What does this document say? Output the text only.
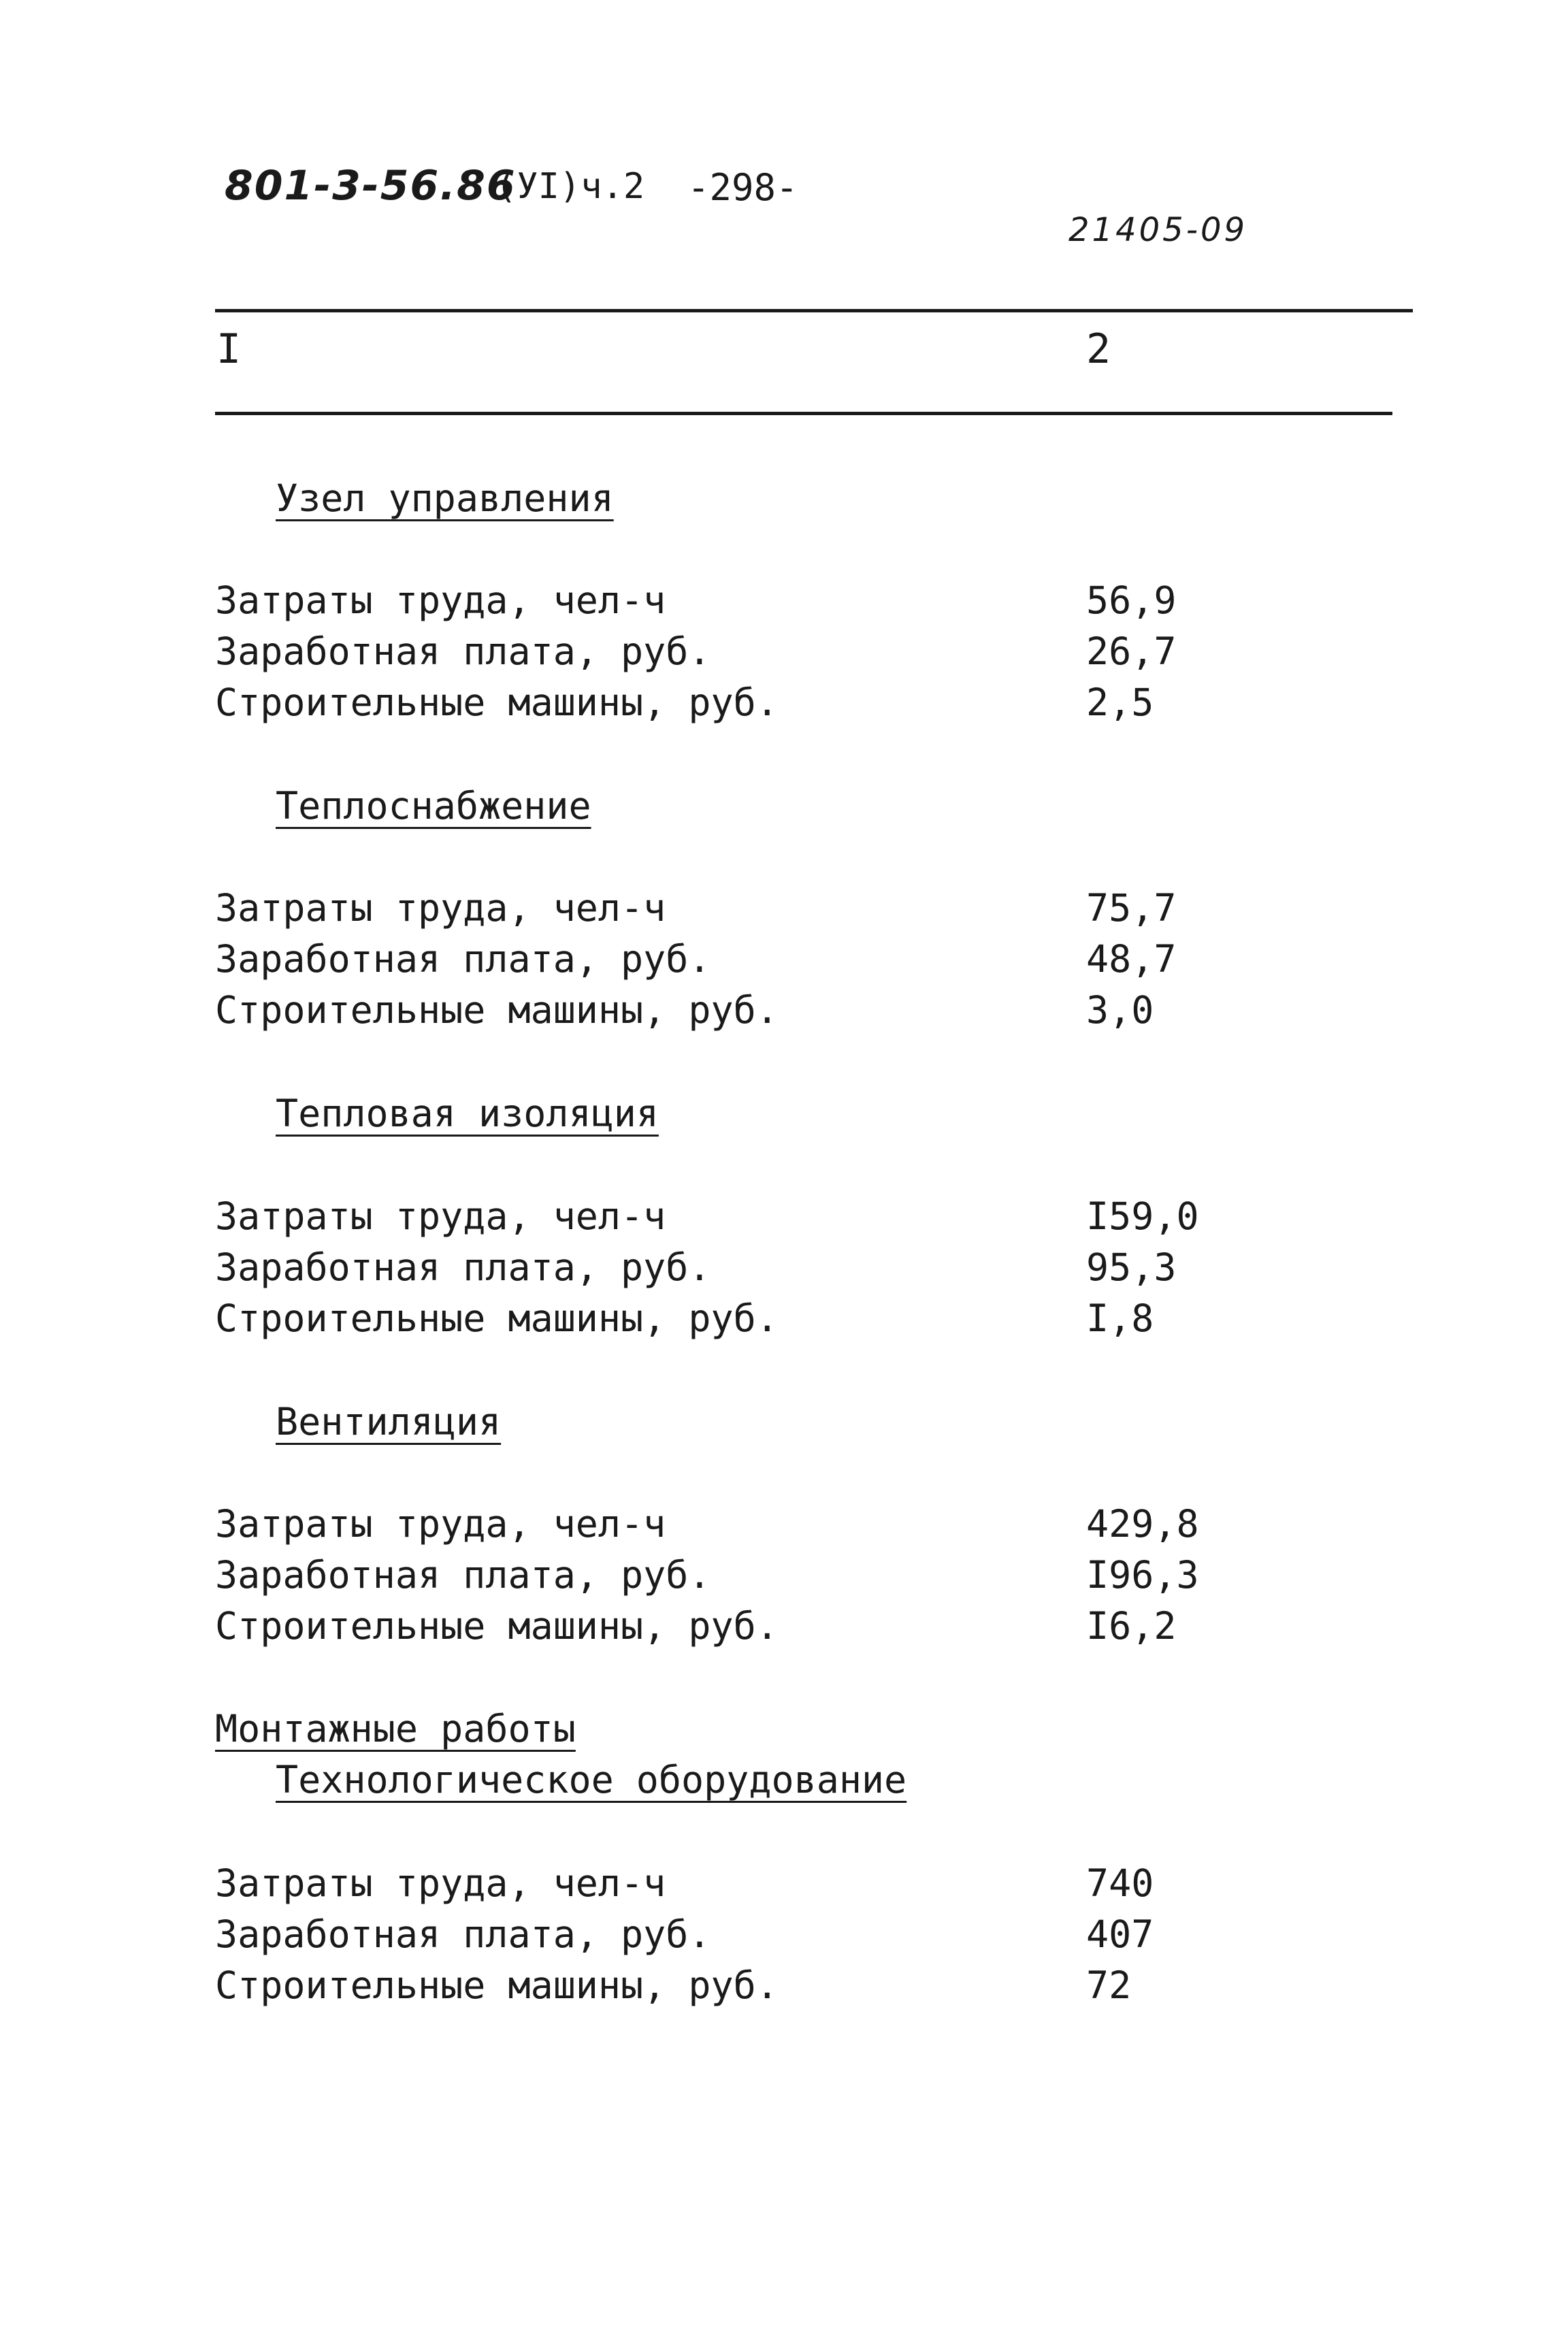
801-3-56.86
(УI)ч.2 -298-
21405-09
I	2
Узел управления
Затраты труда, чел-ч	56,9
Заработная плата, руб.	26,7
Строительные машины, руб.	2,5
Теплоснабжение
Затраты труда, чел-ч	75,7
Заработная плата, руб.	48,7
Строительные машины, руб.	3,0
Тепловая изоляция
Затраты труда, чел-ч	I59,0
Заработная плата, руб.	95,3
Строительные машины, руб.	I,8
Вентиляция
Затраты труда, чел-ч	429,8
Заработная плата, руб.	I96,3
Строительные машины, руб.	I6,2
Монтажные работы
Технологическое оборудование
Затраты труда, чел-ч	740
Заработная плата, руб.	407
Строительные машины, руб.	72
